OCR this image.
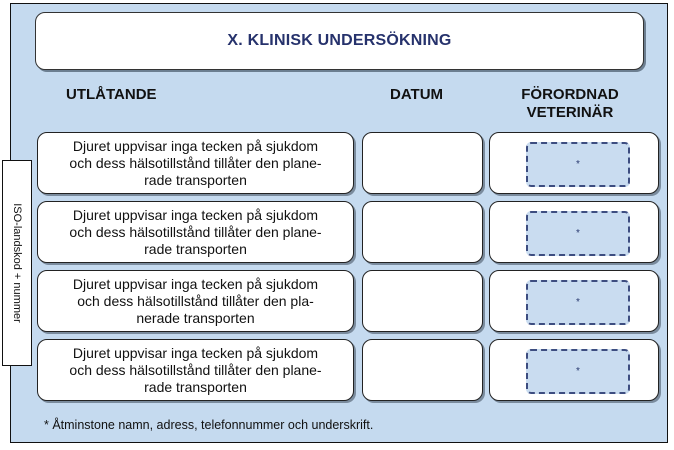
X. KLINISK UNDERSÖKNING
UTLÅTANDE	DATUM	FÖRORDNAD
VETERINÄR
ISO-landskod + nummer
Djuret uppvisar inga tecken på sjukdom
och dess hälsotillstånd tillåter den plane-
rade transporten
*
Djuret uppvisar inga tecken på sjukdom
och dess hälsotillstånd tillåter den plane-
rade transporten
*
Djuret uppvisar inga tecken på sjukdom
och dess hälsotillstånd tillåter den pla-
nerade transporten
*
Djuret uppvisar inga tecken på sjukdom
och dess hälsotillstånd tillåter den plane-
rade transporten
*
* Åtminstone namn, adress, telefonnummer och underskrift.
